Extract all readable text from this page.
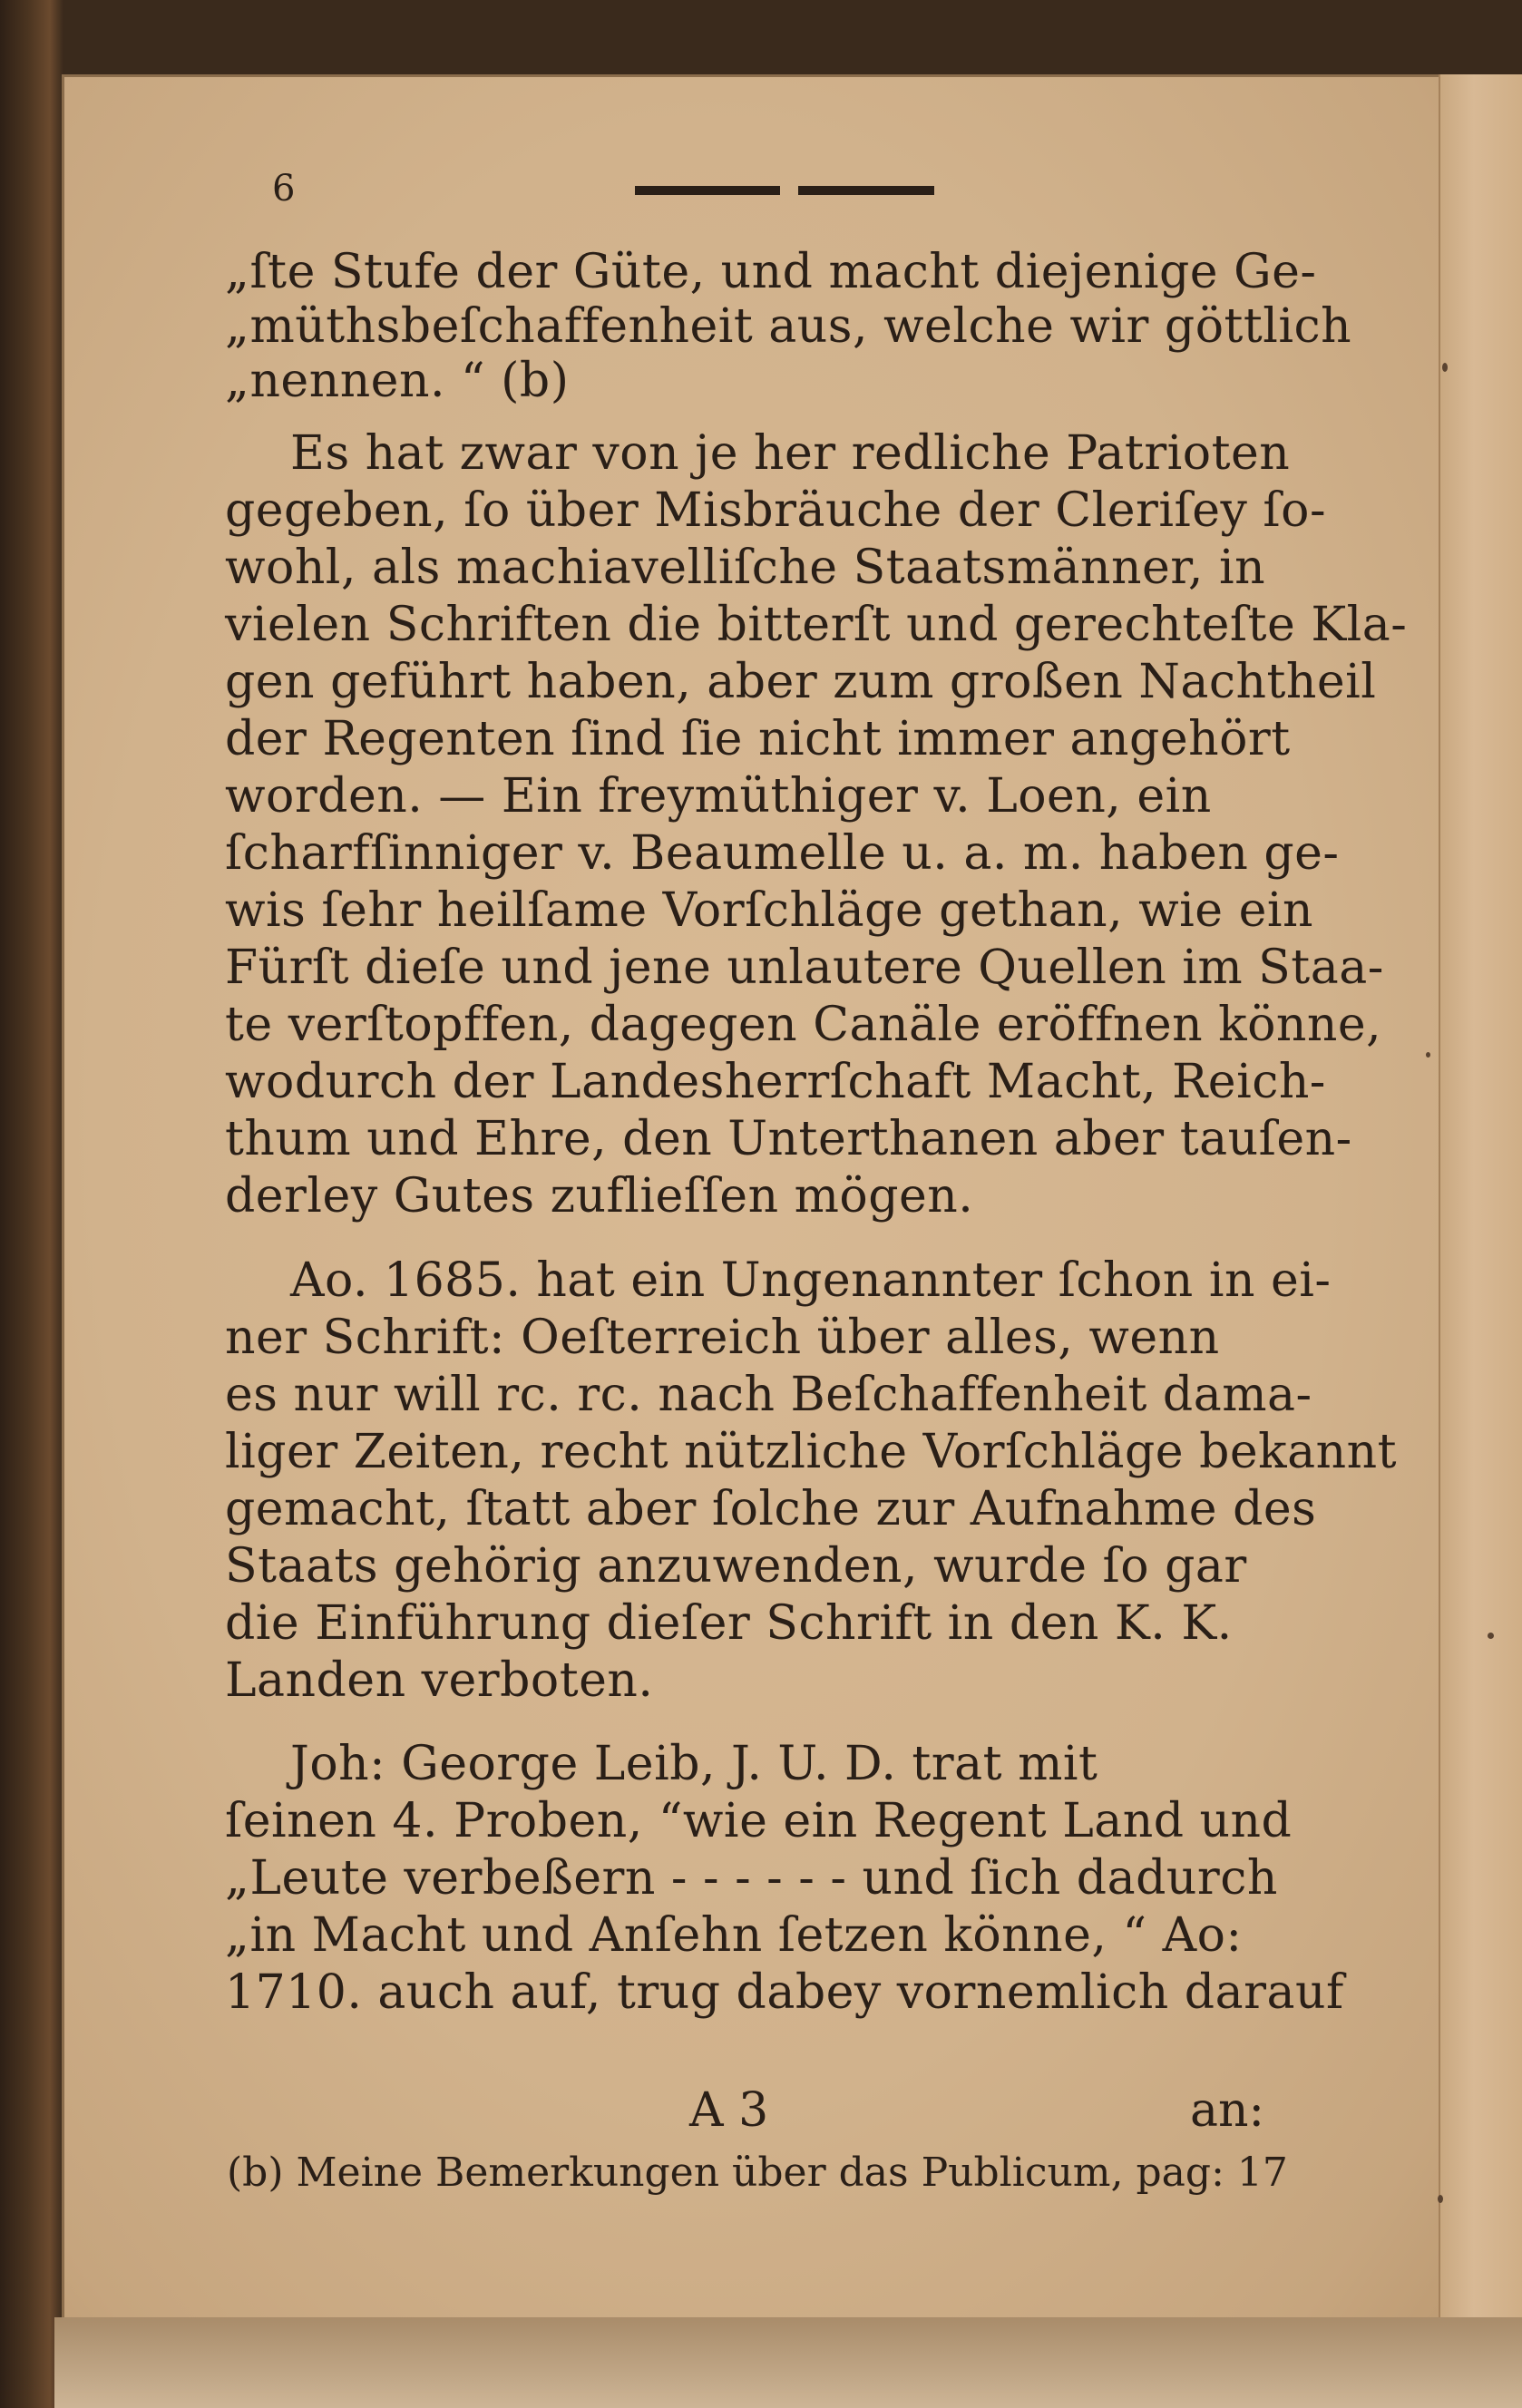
6
„ſte Stufe der Güte, und macht diejenige Ge‑
„müthsbeſchaffenheit aus, welche wir göttlich
„nennen. “ (b)
Es hat zwar von je her redliche Patrioten
gegeben, ſo über Misbräuche der Cleriſey ſo‑
wohl, als machiavelliſche Staatsmänner, in
vielen Schriften die bitterſt und gerechteſte Kla‑
gen geführt haben, aber zum großen Nachtheil
der Regenten ſind ſie nicht immer angehört
worden. — Ein freymüthiger v. Loen, ein
ſcharfſinniger v. Beaumelle u. a. m. haben ge‑
wis ſehr heilſame Vorſchläge gethan, wie ein
Fürſt dieſe und jene unlautere Quellen im Staa‑
te verſtopffen, dagegen Canäle eröffnen könne,
wodurch der Landesherrſchaft Macht, Reich‑
thum und Ehre, den Unterthanen aber tauſen‑
derley Gutes zuflieſſen mögen.
Ao. 1685. hat ein Ungenannter ſchon in ei‑
ner Schrift: Oeſterreich über alles, wenn
es nur will rc. rc. nach Beſchaffenheit dama‑
liger Zeiten, recht nützliche Vorſchläge bekannt
gemacht, ſtatt aber ſolche zur Aufnahme des
Staats gehörig anzuwenden, wurde ſo gar
die Einführung dieſer Schrift in den K. K.
Landen verboten.
Joh: George Leib, J. U. D. trat mit
ſeinen 4. Proben, “wie ein Regent Land und
„Leute verbeßern ‑ ‑ ‑ ‑ ‑ ‑ und ſich dadurch
„in Macht und Anſehn ſetzen könne, “ Ao:
1710. auch auf, trug dabey vornemlich darauf
A 3	an:
(b) Meine Bemerkungen über das Publicum, pag: 17
